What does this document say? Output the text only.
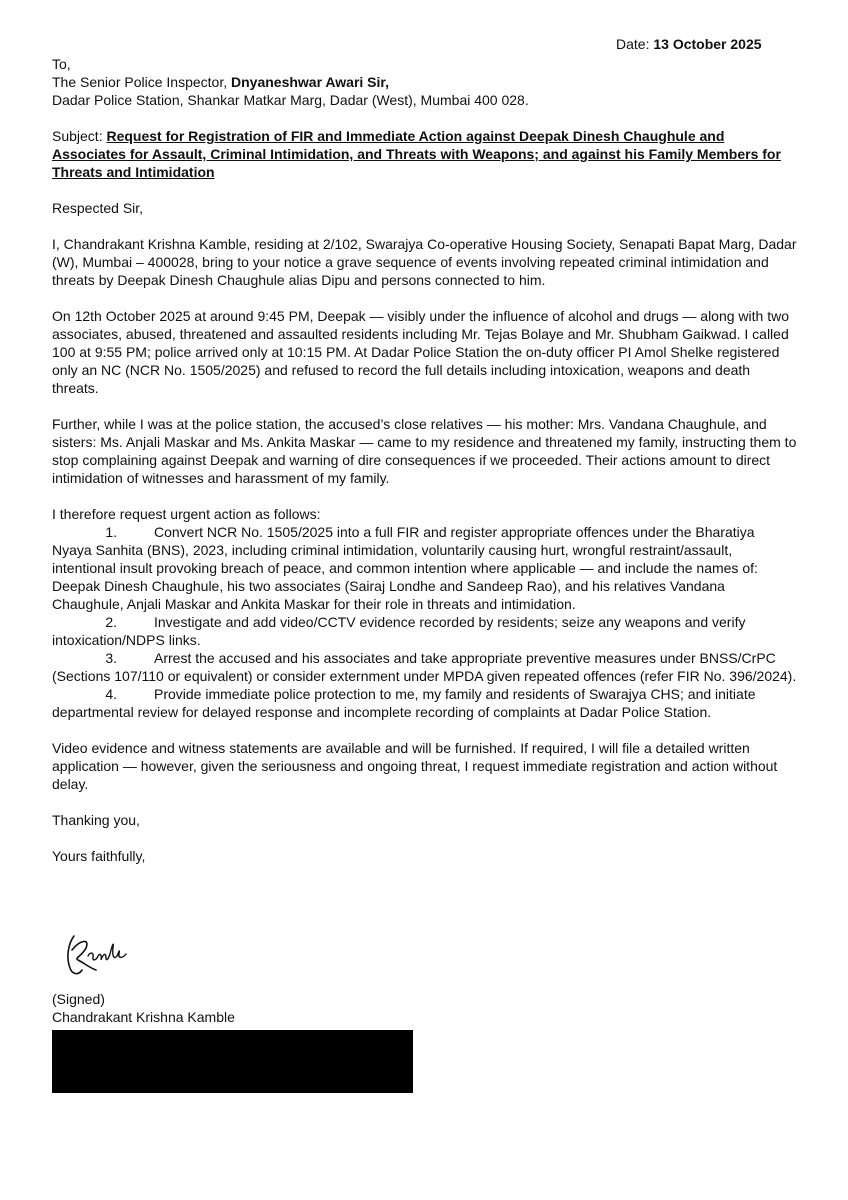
Date: 13 October 2025

To,

The Senior Police Inspector, Dnyaneshwar Awari Sir,

Dadar Police Station, Shankar Matkar Marg, Dadar (West), Mumbai 400 028.

Subject: Request for Registration of FIR and Immediate Action against Deepak Dinesh Chaughule and Associates for Assault, Criminal Intimidation, and Threats with Weapons; and against his Family Members for Threats and Intimidation

Respected Sir,

I, Chandrakant Krishna Kamble, residing at 2/102, Swarajya Co-operative Housing Society, Senapati Bapat Marg, Dadar (W), Mumbai – 400028, bring to your notice a grave sequence of events involving repeated criminal intimidation and threats by Deepak Dinesh Chaughule alias Dipu and persons connected to him.

On 12th October 2025 at around 9:45 PM, Deepak — visibly under the influence of alcohol and drugs — along with two associates, abused, threatened and assaulted residents including Mr. Tejas Bolaye and Mr. Shubham Gaikwad. I called 100 at 9:55 PM; police arrived only at 10:15 PM. At Dadar Police Station the on-duty officer PI Amol Shelke registered only an NC (NCR No. 1505/2025) and refused to record the full details including intoxication, weapons and death threats.

Further, while I was at the police station, the accused’s close relatives — his mother: Mrs. Vandana Chaughule, and sisters: Ms. Anjali Maskar and Ms. Ankita Maskar — came to my residence and threatened my family, instructing them to stop complaining against Deepak and warning of dire consequences if we proceeded. Their actions amount to direct intimidation of witnesses and harassment of my family.

I therefore request urgent action as follows:

1.	Convert NCR No. 1505/2025 into a full FIR and register appropriate offences under the Bharatiya Nyaya Sanhita (BNS), 2023, including criminal intimidation, voluntarily causing hurt, wrongful restraint/assault, intentional insult provoking breach of peace, and common intention where applicable — and include the names of: Deepak Dinesh Chaughule, his two associates (Sairaj Londhe and Sandeep Rao), and his relatives Vandana Chaughule, Anjali Maskar and Ankita Maskar for their role in threats and intimidation.

2.	Investigate and add video/CCTV evidence recorded by residents; seize any weapons and verify intoxication/NDPS links.

3.	Arrest the accused and his associates and take appropriate preventive measures under BNSS/CrPC (Sections 107/110 or equivalent) or consider externment under MPDA given repeated offences (refer FIR No. 396/2024).

4.	Provide immediate police protection to me, my family and residents of Swarajya CHS; and initiate departmental review for delayed response and incomplete recording of complaints at Dadar Police Station.

Video evidence and witness statements are available and will be furnished. If required, I will file a detailed written application — however, given the seriousness and ongoing threat, I request immediate registration and action without delay.

Thanking you,

Yours faithfully,

(Signed)

Chandrakant Krishna Kamble
